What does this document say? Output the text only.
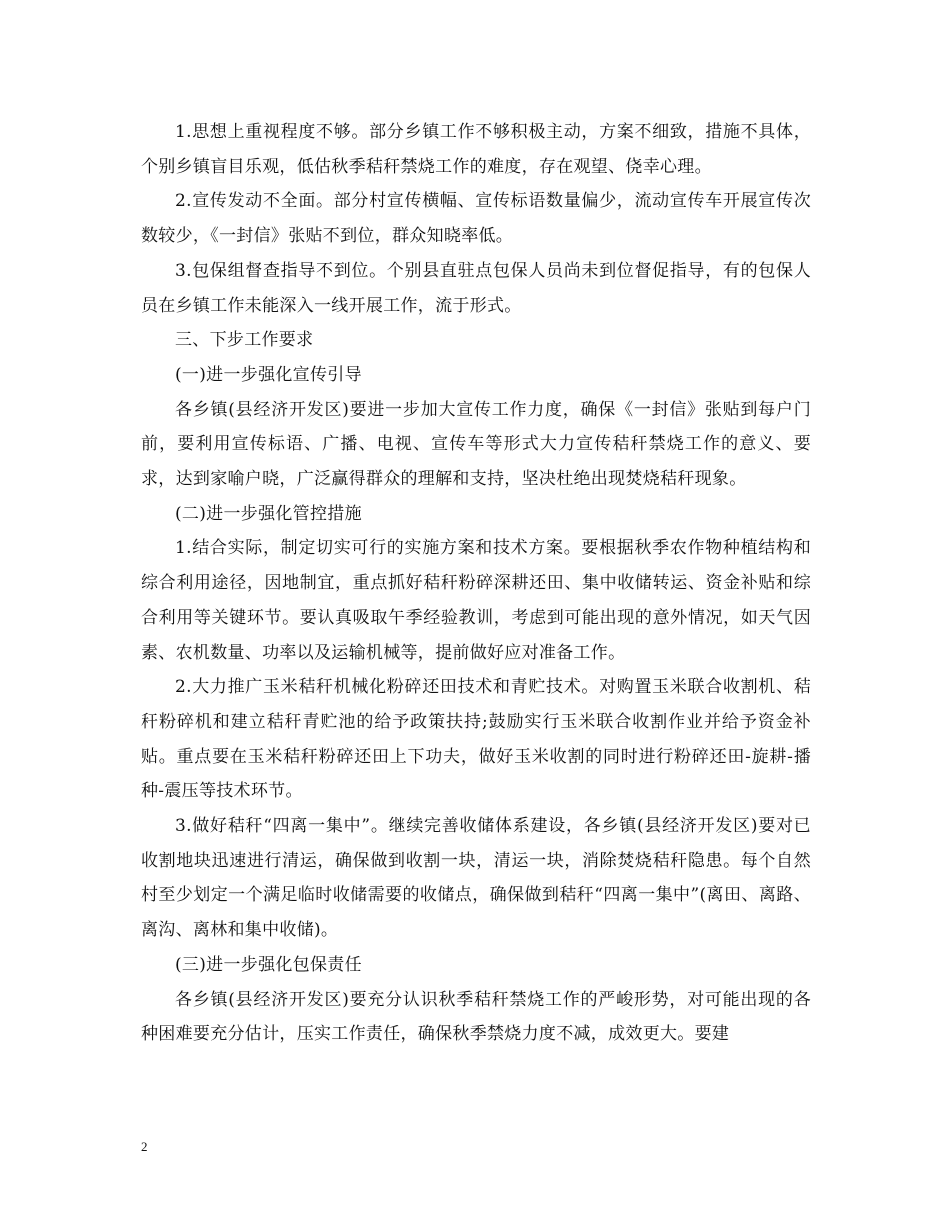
1.思想上重视程度不够。部分乡镇工作不够积极主动，方案不细致，措施不具体，个别乡镇盲目乐观，低估秋季秸秆禁烧工作的难度，存在观望、侥幸心理。

2.宣传发动不全面。部分村宣传横幅、宣传标语数量偏少，流动宣传车开展宣传次数较少，《一封信》张贴不到位，群众知晓率低。

3.包保组督查指导不到位。个别县直驻点包保人员尚未到位督促指导，有的包保人员在乡镇工作未能深入一线开展工作，流于形式。

三、下步工作要求

(一)进一步强化宣传引导

各乡镇(县经济开发区)要进一步加大宣传工作力度，确保《一封信》张贴到每户门前，要利用宣传标语、广播、电视、宣传车等形式大力宣传秸秆禁烧工作的意义、要求，达到家喻户晓，广泛赢得群众的理解和支持，坚决杜绝出现焚烧秸秆现象。

(二)进一步强化管控措施

1.结合实际，制定切实可行的实施方案和技术方案。要根据秋季农作物种植结构和综合利用途径，因地制宜，重点抓好秸秆粉碎深耕还田、集中收储转运、资金补贴和综合利用等关键环节。要认真吸取午季经验教训，考虑到可能出现的意外情况，如天气因素、农机数量、功率以及运输机械等，提前做好应对准备工作。

2.大力推广玉米秸秆机械化粉碎还田技术和青贮技术。对购置玉米联合收割机、秸秆粉碎机和建立秸秆青贮池的给予政策扶持;鼓励实行玉米联合收割作业并给予资金补贴。重点要在玉米秸秆粉碎还田上下功夫，做好玉米收割的同时进行粉碎还田-旋耕-播种-震压等技术环节。

3.做好秸秆“四离一集中”。继续完善收储体系建设，各乡镇(县经济开发区)要对已收割地块迅速进行清运，确保做到收割一块，清运一块，消除焚烧秸秆隐患。每个自然村至少划定一个满足临时收储需要的收储点，确保做到秸秆“四离一集中”(离田、离路、离沟、离林和集中收储)。

(三)进一步强化包保责任

各乡镇(县经济开发区)要充分认识秋季秸秆禁烧工作的严峻形势，对可能出现的各种困难要充分估计，压实工作责任，确保秋季禁烧力度不减，成效更大。要建

2
